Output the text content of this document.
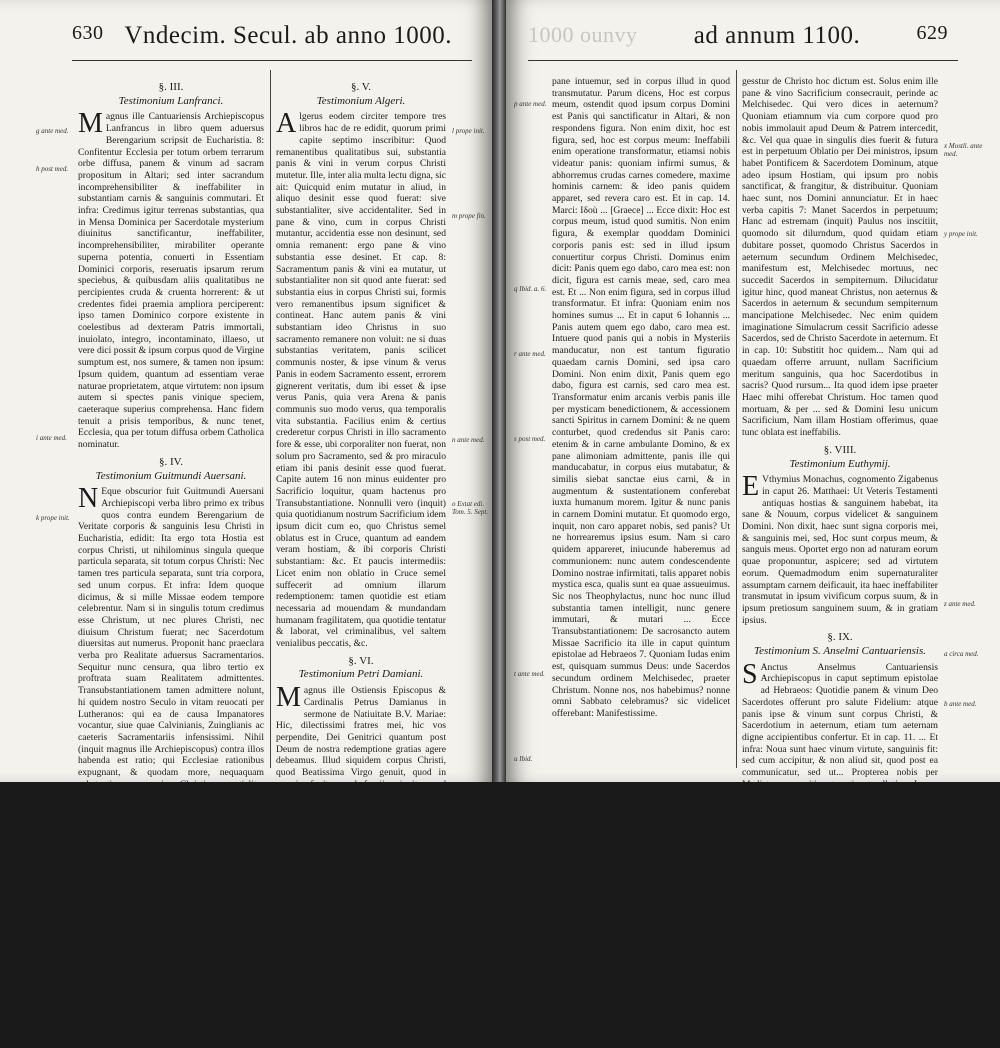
630 Vndecim. Secul. ab anno 1000.
§. III.
Testimonium Lanfranci.

Magnus ille Cantuariensis Archiepiscopus Lanfrancus in libro quem aduersus Berengarium scripsit de Eucharistia. 8: Confitentur Ecclesia per totum orbem terrarum orbe diffusa, panem & vinum ad sacram propositum in Altari; sed inter sacrandum incomprehensibiliter & ineffabiliter in substantiam carnis & sanguinis commutari. Et infra: Credimus igitur terrenas substantias, qua in Mensa Dominica per Sacerdotale mysterium diuinitus sanctificantur, ineffabiliter, incomprehensibiliter, mirabiliter operante superna potentia, conuerti in Essentiam Dominici corporis, reseruatis ipsarum rerum speciebus, & quibusdam aliis qualitatibus ne percipientes cruda & cruenta horrerent: & ut credentes fidei praemia ampliora perciperent: ipso tamen Dominico corpore existente in coelestibus ad dexteram Patris immortali, inuiolato, integro, incontaminato, illaeso, ut vere dici possit & ipsum corpus quod de Virgine sumptum est, nos sumere, & tamen non ipsum: Ipsum quidem, quantum ad essentiam verae naturae proprietatem, atque virtutem: non ipsum autem si spectes panis vinique speciem, caeteraque superius comprehensa. Hanc fidem tenuit a prisis temporibus, & nunc tenet, Ecclesia, qua per totum diffusa orbem Catholica nominatur.

§. IV.
Testimonium Guitmundi Auersani.

N Eque obscurior fuit Guitmundi Auersani Archiepiscopi verba libro primo ex tribus quos contra eundem Berengarium de Veritate corporis & sanguinis Iesu Christi in Eucharistia, edidit: Ita ergo tota Hostia est corpus Christi, ut nihilominus singula queque particula separata, sit totum corpus Christi: Nec tamen tres particula separata, sunt tria corpora, sed unum corpus. Et infra: Idem quoque dicimus, & si mille Missae eodem tempore celebrentur. Nam si in singulis totum credimus esse Christum, ut nec plures Christi, nec diuisum Christum fuerat; nec Sacerdotum diuersitas aut numerus. Proponit hanc praeclara verba pro Realitate aduersus Sacramentarios. Sequitur nunc censura, qua libro tertio ex proftrata suam Realitatem admittentes. Transubstantiationem tamen admittere nolunt, hi quidem nostro Seculo in vitam reuocati per Lutheranos: qui ea de causa Impanatores vocantur, siue quae Calvinianis, Zuinglianis ac caeteris Sacramentariis infensissimi. Nihil (inquit magnus ille Archiepiscopus) contra illos habenda est ratio; qui Ecclesiae rationibus expugnant, & quodam more, nequaquam substantiam corporis Christi essentialiter Dominici: panem tamen & vinum per verba Salutaria, in carnem tamen & sanguinem vere, nequaquam credentes. Sed Christum pane & vino communicantes, tamquam substantiam remanere, harum alteram considerant. Et infra: Ut impanatos vel inuiniari Christum, nulla Christi vocem afferre possunt, nec Prophetae praedicaverunt, nec Christus ostendit, nec Apostoli praedicauerunt, nec mundus, excepto his paucissimis haereticis, credidit. Paulo pulsiter in multis errore esse permittit? Et postea: Beatae fidei in libris de Sacramentis de hoc expresse sic docere; non in pane & vino Corpus & sanguinem Domini latere, sed panem & vinum in Corpus & Sanguinem Domini commutari dicunt. Et infra: Hoc Impanatores fuisse ipse Dominus Iesus verbo suo negauit, cum accipiens panem gratias egit, ac benedicens, ait: Hoc est corpus meum. Non ait, In hoc latet corpus meum. Nec dixit: In hoc vino est sanguis meus, sed dixit, Hic est sanguis meus.

§. V.
Testimonium Algeri.

Algerus eodem circiter tempore tres libros hac de re edidit, quorum primi capite septimo inscribitur: Quod remanentibus qualitatibus sui, substantia panis & vini in verum corpus Christi mutetur. Ille, inter alia multa lectu digna, sic ait: Quicquid enim mutatur in aliud, in aliquo desinit esse quod fuerat: sive substantialiter, sive accidentaliter. Sed in pane & vino, cum in corpus Christi mutantur, accidentia esse non desinunt, sed omnia remanent: ergo pane & vino substantia esse desinet. Et cap. 8: Sacramentum panis & vini ea mutatur, ut substantialiter non sit quod ante fuerat: sed substantia eius in corpus Christi sui, formis vero remanentibus ipsum significet & contineat. Hanc autem panis & vini substantiam ideo Christus in suo sacramento remanere non voluit: ne si duas substantias veritatem, panis scilicet communis noster, & ipse vinum & verus Panis in eodem Sacramento essent, errorem gignerent veritatis, dum ibi esset & ipse verus Panis, quia vera Arena & panis communis suo modo verus, qua temporalis vita substantia. Facilius enim & certius crederetur corpus Christi in illo sacramento fore & esse, ubi corporaliter non fuerat, non solum pro Sacramento, sed & pro miraculo etiam ibi panis desinit esse quod fuerat. Capite autem 16 non minus euidenter pro Sacrificio loquitur, quam hactenus pro Transubstantiatione. Nonnulli vero (inquit) quia quotidianum nostrum Sacrificium idem ipsum dicit cum eo, quo Christus semel oblatus est in Cruce, quantum ad eandem veram hostiam, & ibi corporis Christi substantiam: &c. Et paucis intermediis: Licet enim non oblatio in Cruce semel suffecerit ad omnium illarum redemptionem: tamen quotidie est etiam necessaria ad mouendam & mundandam humanam fragilitatem, qua quotidie tentatur & laborat, vel criminalibus, vel saltem venialibus peccatis, &c.

§. VI.
Testimonium Petri Damiani.

Magnus ille Ostiensis Episcopus & Cardinalis Petrus Damianus in sermone de Natiuitate B.V. Mariae: Hic, dilectissimi fratres mei, hic vos perpendite, Dei Genitrici quantum post Deum de nostra redemptione gratias agere debeamus. Illud siquidem corpus Christi, quod Beatissima Virgo genuit, quod in gremio fouit, quod fasciis cinxit, quod materna cura nutriuit, illud, inquam, absque ulla dubitatione, non aliud, nunc de sacro altari percipimus, & eius sanguinem in sacramentum nostrae redemptionis haurimus. Hoc Catholica fides habet, hoc sancta Ecclesia fideliter docet. Ita ille de Sacramento: Nunc audiendum est quid de Sacrificio, in sermone de Natiuitate Domini: Insignes Sacerdotes vigilantibus oculis primo diei ortus salubriter indagare, sacramentalibus undae vestimentis, instruere ad Altare Dei, ad sacrificandum corpus & sanguinem Saluatoris.

§. VII.
Testimonium Theophylacti.

T Heophylactus Acrida in Bulgaria Archiepiscopus in caput 26. Matthaei: Hoc est corpus meum, hoc quod nunc sumitis. Non enim figura est panis, corporis Domini, sed in corpus illud Christi transmutatur.

g ante med.
h post med.
i ante med.
k prope init.
l prope init.
m prope fin.
n ante med.
o Extat edi. Tom. 5. Sept.
1000 ounvy ad annum 1100.	629

pane intuemur, sed in corpus illud in quod transmutatur. Parum dicens, Hoc est corpus meum, ostendit quod ipsum corpus Domini est Panis qui sanctificatur in Altari, & non respondens figura. Non enim dixit, hoc est figura, sed, hoc est corpus meum: Ineffabili enim operatione transformatur, etiamsi nobis videatur panis: quoniam infirmi sumus, & abhorremus crudas carnes comedere, maxime hominis carnem: & ideo panis quidem apparet, sed revera caro est. Et in cap. 14. Marci: Ιδοù ... [Graece] ... Ecce dixit: Hoc est corpus meum, istud quod sumitis. Non enim figura, & exemplar quoddam Dominici corporis panis est: sed in illud ipsum conuertitur corpus Christi. Dominus enim dicit: Panis quem ego dabo, caro mea est: non dicit, figura est carnis meae, sed, caro mea est. Et ... Non enim figura, sed in corpus illud transformatur. Et infra: Quoniam enim nos homines sumus ... Et in caput 6 Iohannis ... Panis autem quem ego dabo, caro mea est. Intuere quod panis qui a nobis in Mysteriis manducatur, non est tantum figuratio quaedam carnis Domini, sed ipsa caro Domini. Non enim dixit, Panis quem ego dabo, figura est carnis, sed caro mea est. Transformatur enim arcanis verbis panis ille per mysticam benedictionem, & accessionem sancti Spiritus in carnem Domini: & ne quem conturbet, quod credendus sit Panis caro: etenim & in carne ambulante Domino, & ex pane alimoniam admittente, panis ille qui manducabatur, in corpus eius mutabatur, & similis siebat sanctae eius carni, & in augmentum & sustentationem conferebat iuxta humanum morem. Igitur & nunc panis in carnem Domini mutatur. Et quomodo ergo, inquit, non caro apparet nobis, sed panis? Ut ne horrearemus ipsius esum. Nam si caro quidem appareret, iniucunde haberemus ad communionem: nunc autem condescendente Domino nostrae infirmitati, talis apparet nobis mystica esca, qualis sunt ea quae assueuimus. Sic nos Theophylactus, nunc hoc nunc illud substantia tamen intelligit, nunc genere immutari, & mutari ... Ecce Transubstantiationem: De sacrosancto autem Missae Sacrificio ita ille in caput quintum epistolae ad Hebraeos 7. Quoniam Iudas enim est, quisquam summus Deus: unde Sacerdos secundum ordinem Melchisedec, praeter Christum. Nonne nos, nos habebimus? nonne omni Sabbato celebramus? sic videlicet offerebant: Manifestissime.

gesstur de Christo hoc dictum est. Solus enim ille pane & vino Sacrificium consecrauit, perinde ac Melchisedec. Qui vero dices in aeternum? Quoniam etiamnum via cum corpore quod pro nobis immolauit apud Deum & Patrem intercedit, &c. Vel qua quae in singulis dies fuerit & futura est in perpetuum Oblatio per Dei ministros, ipsum habet Pontificem & Sacerdotem Dominum, atque adeo ipsum Hostiam, qui ipsum pro nobis sanctificat, & frangitur, & distribuitur. Quoniam haec sunt, nos Domini annunciatur. Et in haec verba capitis 7: Manet Sacerdos in perpetuum; Hanc ad estremam (inquit) Paulus nos inscitiit, quomodo sit dilurndum, quod quidam etiam dubitare posset, quomodo Christus Sacerdos in aeternum secundum Ordinem Melchisedec, manifestum est, Melchisedec mortuus, nec succedit Sacerdos in sempiternum. Dilucidatur igitur hinc, quod maneat Christus, non aeternus & Sacerdos in aeternum & secundum sempiternum mancipatione Melchisedec. Nec enim quidem imaginatione Simulacrum cessit Sacrificio adesse Sacerdos, sed de Christo Sacerdote in aeternum. Et in cap. 10: Substitit hoc quidem... Nam qui ad quaedam offerre arruunt, nullam Sacrificium meritum sanguinis, qua hoc Sacerdotibus in sacris? Quod rursum... Ita quod idem ipse praeter Haec mihi offerebat Christum. Hoc tamen quod mortuam, & per ... sed & Domini Iesu unicum Sacrificium, Nam illam Hostiam offerimus, quae tunc oblata est ineffabilis.

§. VIII.
Testimonium Euthymij.

E Vthymius Monachus, cognomento Zigabenus in caput 26. Matthaei: Ut Veteris Testamenti antiquas hostias & sanguinem habebat, ita sane & Nouum, corpus videlicet & sanguinem Domini. Non dixit, haec sunt signa corporis mei, & sanguinis mei, sed, Hoc sunt corpus meum, & sanguis meus. Oportet ergo non ad naturam eorum quae proponuntur, aspicere; sed ad virtutem eorum. Quemadmodum enim supernaturaliter assumptam carnem deificauit, ita haec ineffabiliter transmutat in ipsum vivificum corpus suum, & in ipsum pretiosum sanguinem suum, & in gratiam ipsius.

§. IX.
Testimonium S. Anselmi Cantuariensis.

S Anctus Anselmus Cantuariensis Archiepiscopus in caput septimum epistolae ad Hebraeos: Quotidie panem & vinum Deo Sacerdotes offerunt pro salute Fidelium: atque panis ipse & vinum sunt corpus Christi, & Sacerdotium in aeternum, etiam tum aeternam digne accipientibus confertur. Et in cap. 11. ... Et infra: Noua sunt haec vinum virtute, sanguinis fit: sed cum accipitur, & non aliud sit, quod post ea communicatur, sed ut... Propterea nobis per Mediatorem propitia est gratia, et pollutis ... Ipsum tum sumentibus carnem examinem, sed consecratione & operatione diuina vinificatum. Et aliquot ante periodis: Propterea nobis per Mediatorem propitia est gratia, et

p ante med.
q Ibid. a. 6.
r ante med.
s post med.
t ante med.
u Ibid.
x Mostli. ante med.
y prope init.
z ante med.
a circa med.
b ante med.
